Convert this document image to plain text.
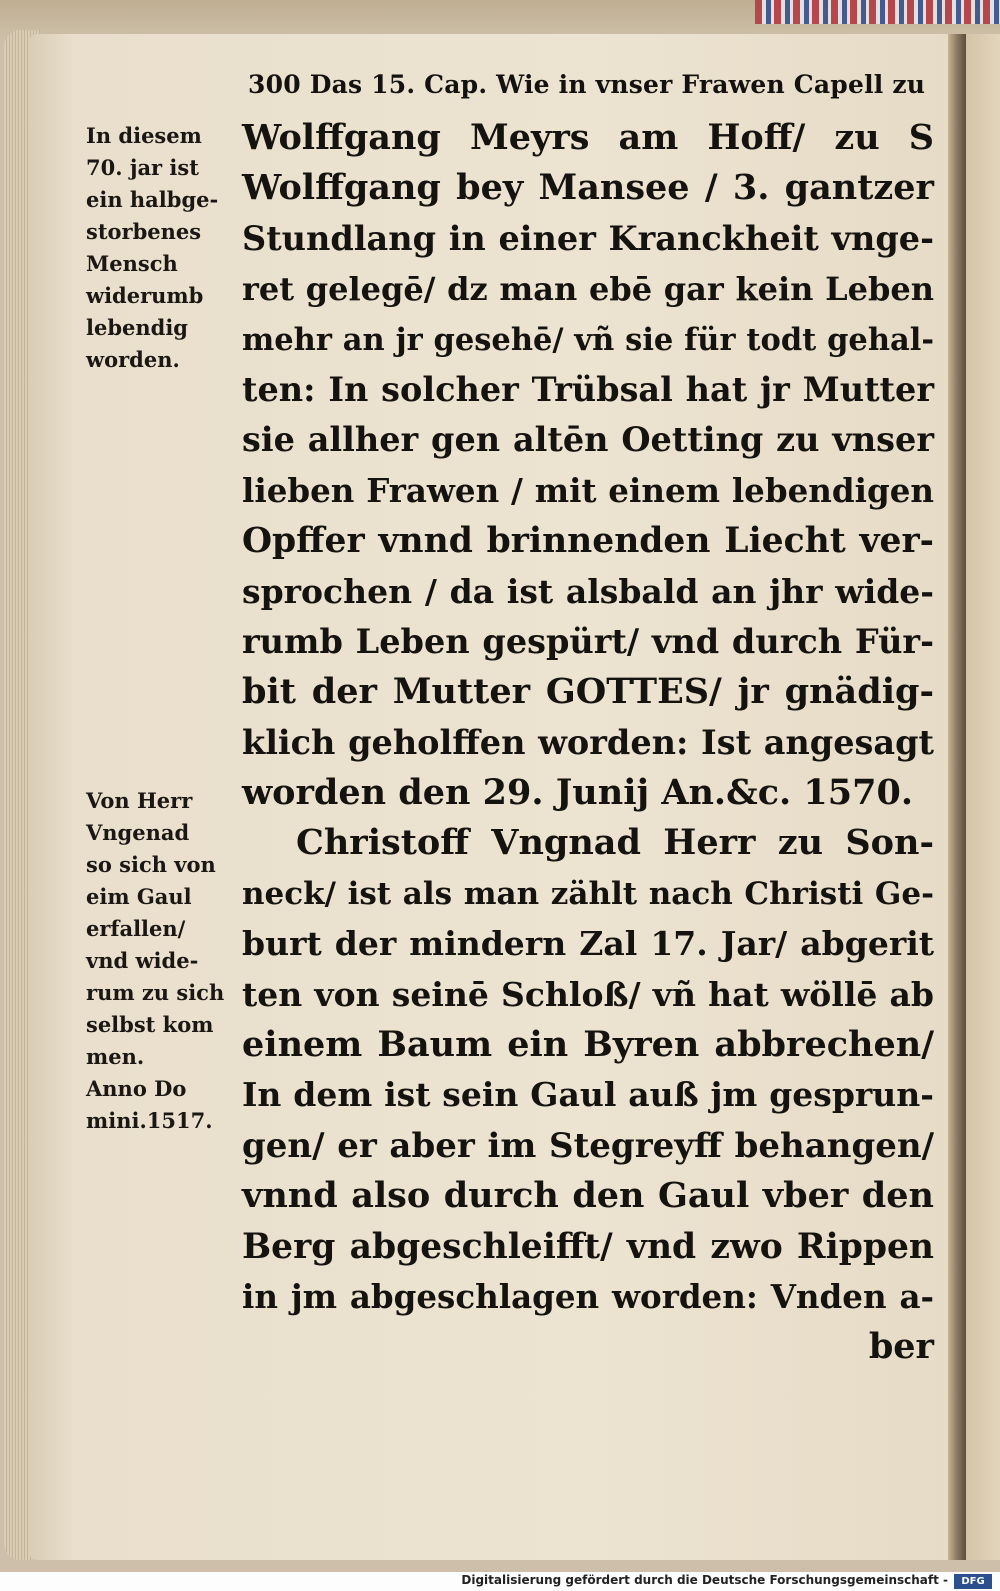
300 Das 15. Cap. Wie in vnser Frawen Capell zu
In diesem
70. jar ist
ein halbge-
storbenes
Mensch
widerumb
lebendig
worden.
Von Herr
Vngenad
so sich von
eim Gaul
erfallen/
vnd wide-
rum zu sich
selbst kom
men.
Anno Do
mini.1517.
Wolffgang Meyrs am Hoff/ zu S
Wolffgang bey Mansee / 3. gantzer
Stundlang in einer Kranckheit vnge-
ret gelegē/ dz man ebē gar kein Leben
mehr an jr gesehē/ vñ sie für todt gehal-
ten: In solcher Trübsal hat jr Mutter
sie allher gen altēn Oetting zu vnser
lieben Frawen / mit einem lebendigen
Opffer vnnd brinnenden Liecht ver-
sprochen / da ist alsbald an jhr wide-
rumb Leben gespürt/ vnd durch Für-
bit der Mutter GOTTES/ jr gnädig-
klich geholffen worden: Ist angesagt
worden den 29. Junij An.&c. 1570.
Christoff Vngnad Herr zu Son-
neck/ ist als man zählt nach Christi Ge-
burt der mindern Zal 17. Jar/ abgerit
ten von seinē Schloß/ vñ hat wöllē ab
einem Baum ein Byren abbrechen/
In dem ist sein Gaul auß jm gesprun-
gen/ er aber im Stegreyff behangen/
vnnd also durch den Gaul vber den
Berg abgeschleifft/ vnd zwo Rippen
in jm abgeschlagen worden: Vnden a-
ber
Digitalisierung gefördert durch die Deutsche Forschungsgemeinschaft -	DFG
